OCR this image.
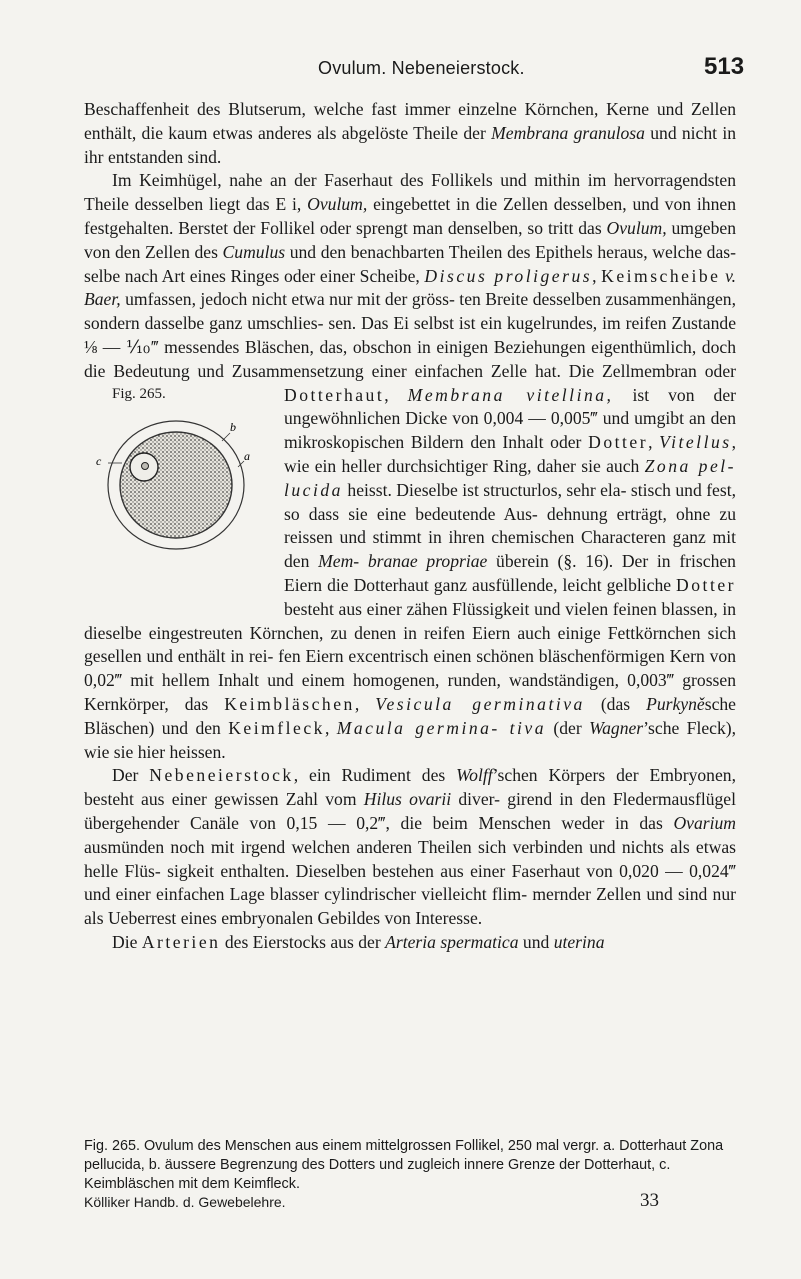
Ovulum. Nebeneierstock.	513

Beschaffenheit des Blutserum, welche fast immer einzelne Körnchen, Kerne und Zellen enthält, die kaum etwas anderes als abgelöste Theile der Membrana granulosa und nicht in ihr entstanden sind.

Im Keimhügel, nahe an der Faserhaut des Follikels und mithin im hervorragendsten Theile desselben liegt das E i, Ovulum, eingebettet in die Zellen desselben, und von ihnen festgehalten. Berstet der Follikel oder sprengt man denselben, so tritt das Ovulum, umgeben von den Zellen des Cumulus und den benachbarten Theilen des Epithels heraus, welche das- selbe nach Art eines Ringes oder einer Scheibe, Discus proligerus, Keimscheibe v. Baer, umfassen, jedoch nicht etwa nur mit der gröss- ten Breite desselben zusammenhängen, sondern dasselbe ganz umschlies- sen. Das Ei selbst ist ein kugelrundes, im reifen Zustande ⅛ — ⅒‴ messendes Bläschen, das, obschon in einigen Beziehungen eigenthümlich, doch die Bedeutung und Zusammensetzung einer einfachen Zelle hat. Die Zellmembran oder
Fig. 265.
b
a
c
Dotterhaut, Membrana vitellina, ist von der ungewöhnlichen Dicke von 0,004 — 0,005‴ und umgibt an den mikroskopischen Bildern den Inhalt oder Dotter, Vitellus, wie ein heller durchsichtiger Ring, daher sie auch Zona pel- lucida heisst. Dieselbe ist structurlos, sehr ela- stisch und fest, so dass sie eine bedeutende Aus- dehnung erträgt, ohne zu reissen und stimmt in ihren chemischen Characteren ganz mit den Mem- branae propriae überein (§. 16). Der in frischen Eiern die Dotterhaut ganz ausfüllende, leicht gelbliche Dotter besteht aus einer zähen Flüssigkeit und vielen feinen blassen, in dieselbe eingestreuten Körnchen, zu denen in reifen Eiern auch einige Fettkörnchen sich gesellen und enthält in rei- fen Eiern excentrisch einen schönen bläschenförmigen Kern von 0,02‴ mit hellem Inhalt und einem homogenen, runden, wandständigen, 0,003‴ grossen Kernkörper, das Keimbläschen, Vesicula germinativa (das Purkyněsche Bläschen) und den Keimfleck, Macula germina- tiva (der Wagner’sche Fleck), wie sie hier heissen.

Der Nebeneierstock, ein Rudiment des Wolff’schen Körpers der Embryonen, besteht aus einer gewissen Zahl vom Hilus ovarii diver- girend in den Fledermausflügel übergehender Canäle von 0,15 — 0,2‴, die beim Menschen weder in das Ovarium ausmünden noch mit irgend welchen anderen Theilen sich verbinden und nichts als etwas helle Flüs- sigkeit enthalten. Dieselben bestehen aus einer Faserhaut von 0,020 — 0,024‴ und einer einfachen Lage blasser cylindrischer vielleicht flim- mernder Zellen und sind nur als Ueberrest eines embryonalen Gebildes von Interesse.

Die Arterien des Eierstocks aus der Arteria spermatica und uterina

Fig. 265. Ovulum des Menschen aus einem mittelgrossen Follikel, 250 mal vergr. a. Dotterhaut Zona pellucida, b. äussere Begrenzung des Dotters und zugleich innere Grenze der Dotterhaut, c. Keimbläschen mit dem Keimfleck.

Kölliker Handb. d. Gewebelehre.	33
